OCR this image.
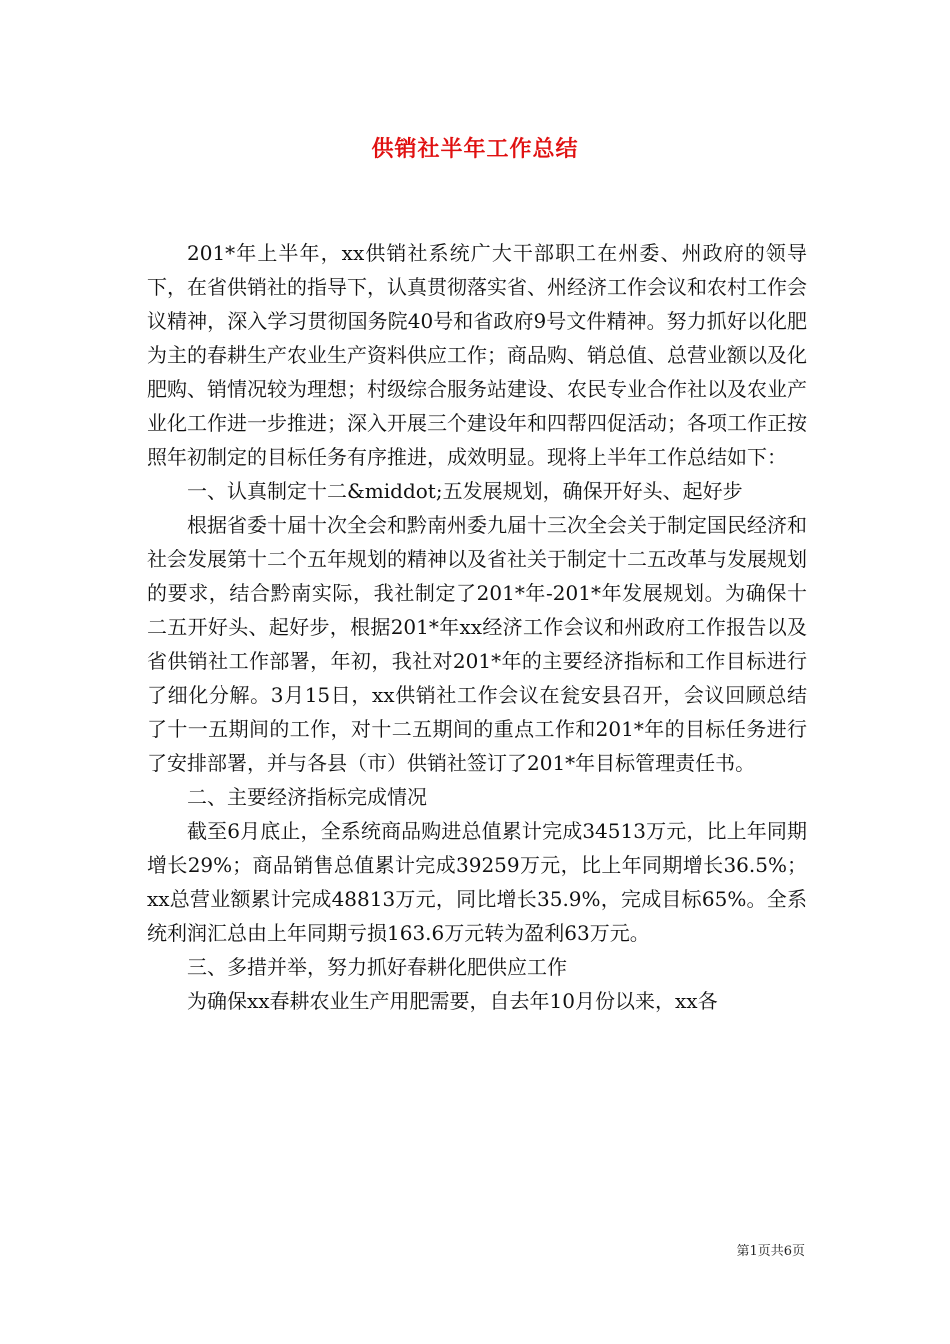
供销社半年工作总结

201*年上半年，xx供销社系统广大干部职工在州委、州政府的领导下，在省供销社的指导下，认真贯彻落实省、州经济工作会议和农村工作会议精神，深入学习贯彻国务院40号和省政府9号文件精神。努力抓好以化肥为主的春耕生产农业生产资料供应工作；商品购、销总值、总营业额以及化肥购、销情况较为理想；村级综合服务站建设、农民专业合作社以及农业产业化工作进一步推进；深入开展三个建设年和四帮四促活动；各项工作正按照年初制定的目标任务有序推进，成效明显。现将上半年工作总结如下：

一、认真制定十二&middot;五发展规划，确保开好头、起好步

根据省委十届十次全会和黔南州委九届十三次全会关于制定国民经济和社会发展第十二个五年规划的精神以及省社关于制定十二五改革与发展规划的要求，结合黔南实际，我社制定了201*年-201*年发展规划。为确保十二五开好头、起好步，根据201*年xx经济工作会议和州政府工作报告以及省供销社工作部署，年初，我社对201*年的主要经济指标和工作目标进行了细化分解。3月15日，xx供销社工作会议在瓮安县召开，会议回顾总结了十一五期间的工作，对十二五期间的重点工作和201*年的目标任务进行了安排部署，并与各县（市）供销社签订了201*年目标管理责任书。

二、主要经济指标完成情况

截至6月底止，全系统商品购进总值累计完成34513万元，比上年同期增长29%；商品销售总值累计完成39259万元，比上年同期增长36.5%；xx总营业额累计完成48813万元，同比增长35.9%，完成目标65%。全系统利润汇总由上年同期亏损163.6万元转为盈利63万元。

三、多措并举，努力抓好春耕化肥供应工作

为确保xx春耕农业生产用肥需要，自去年10月份以来，xx各

第1页共6页
